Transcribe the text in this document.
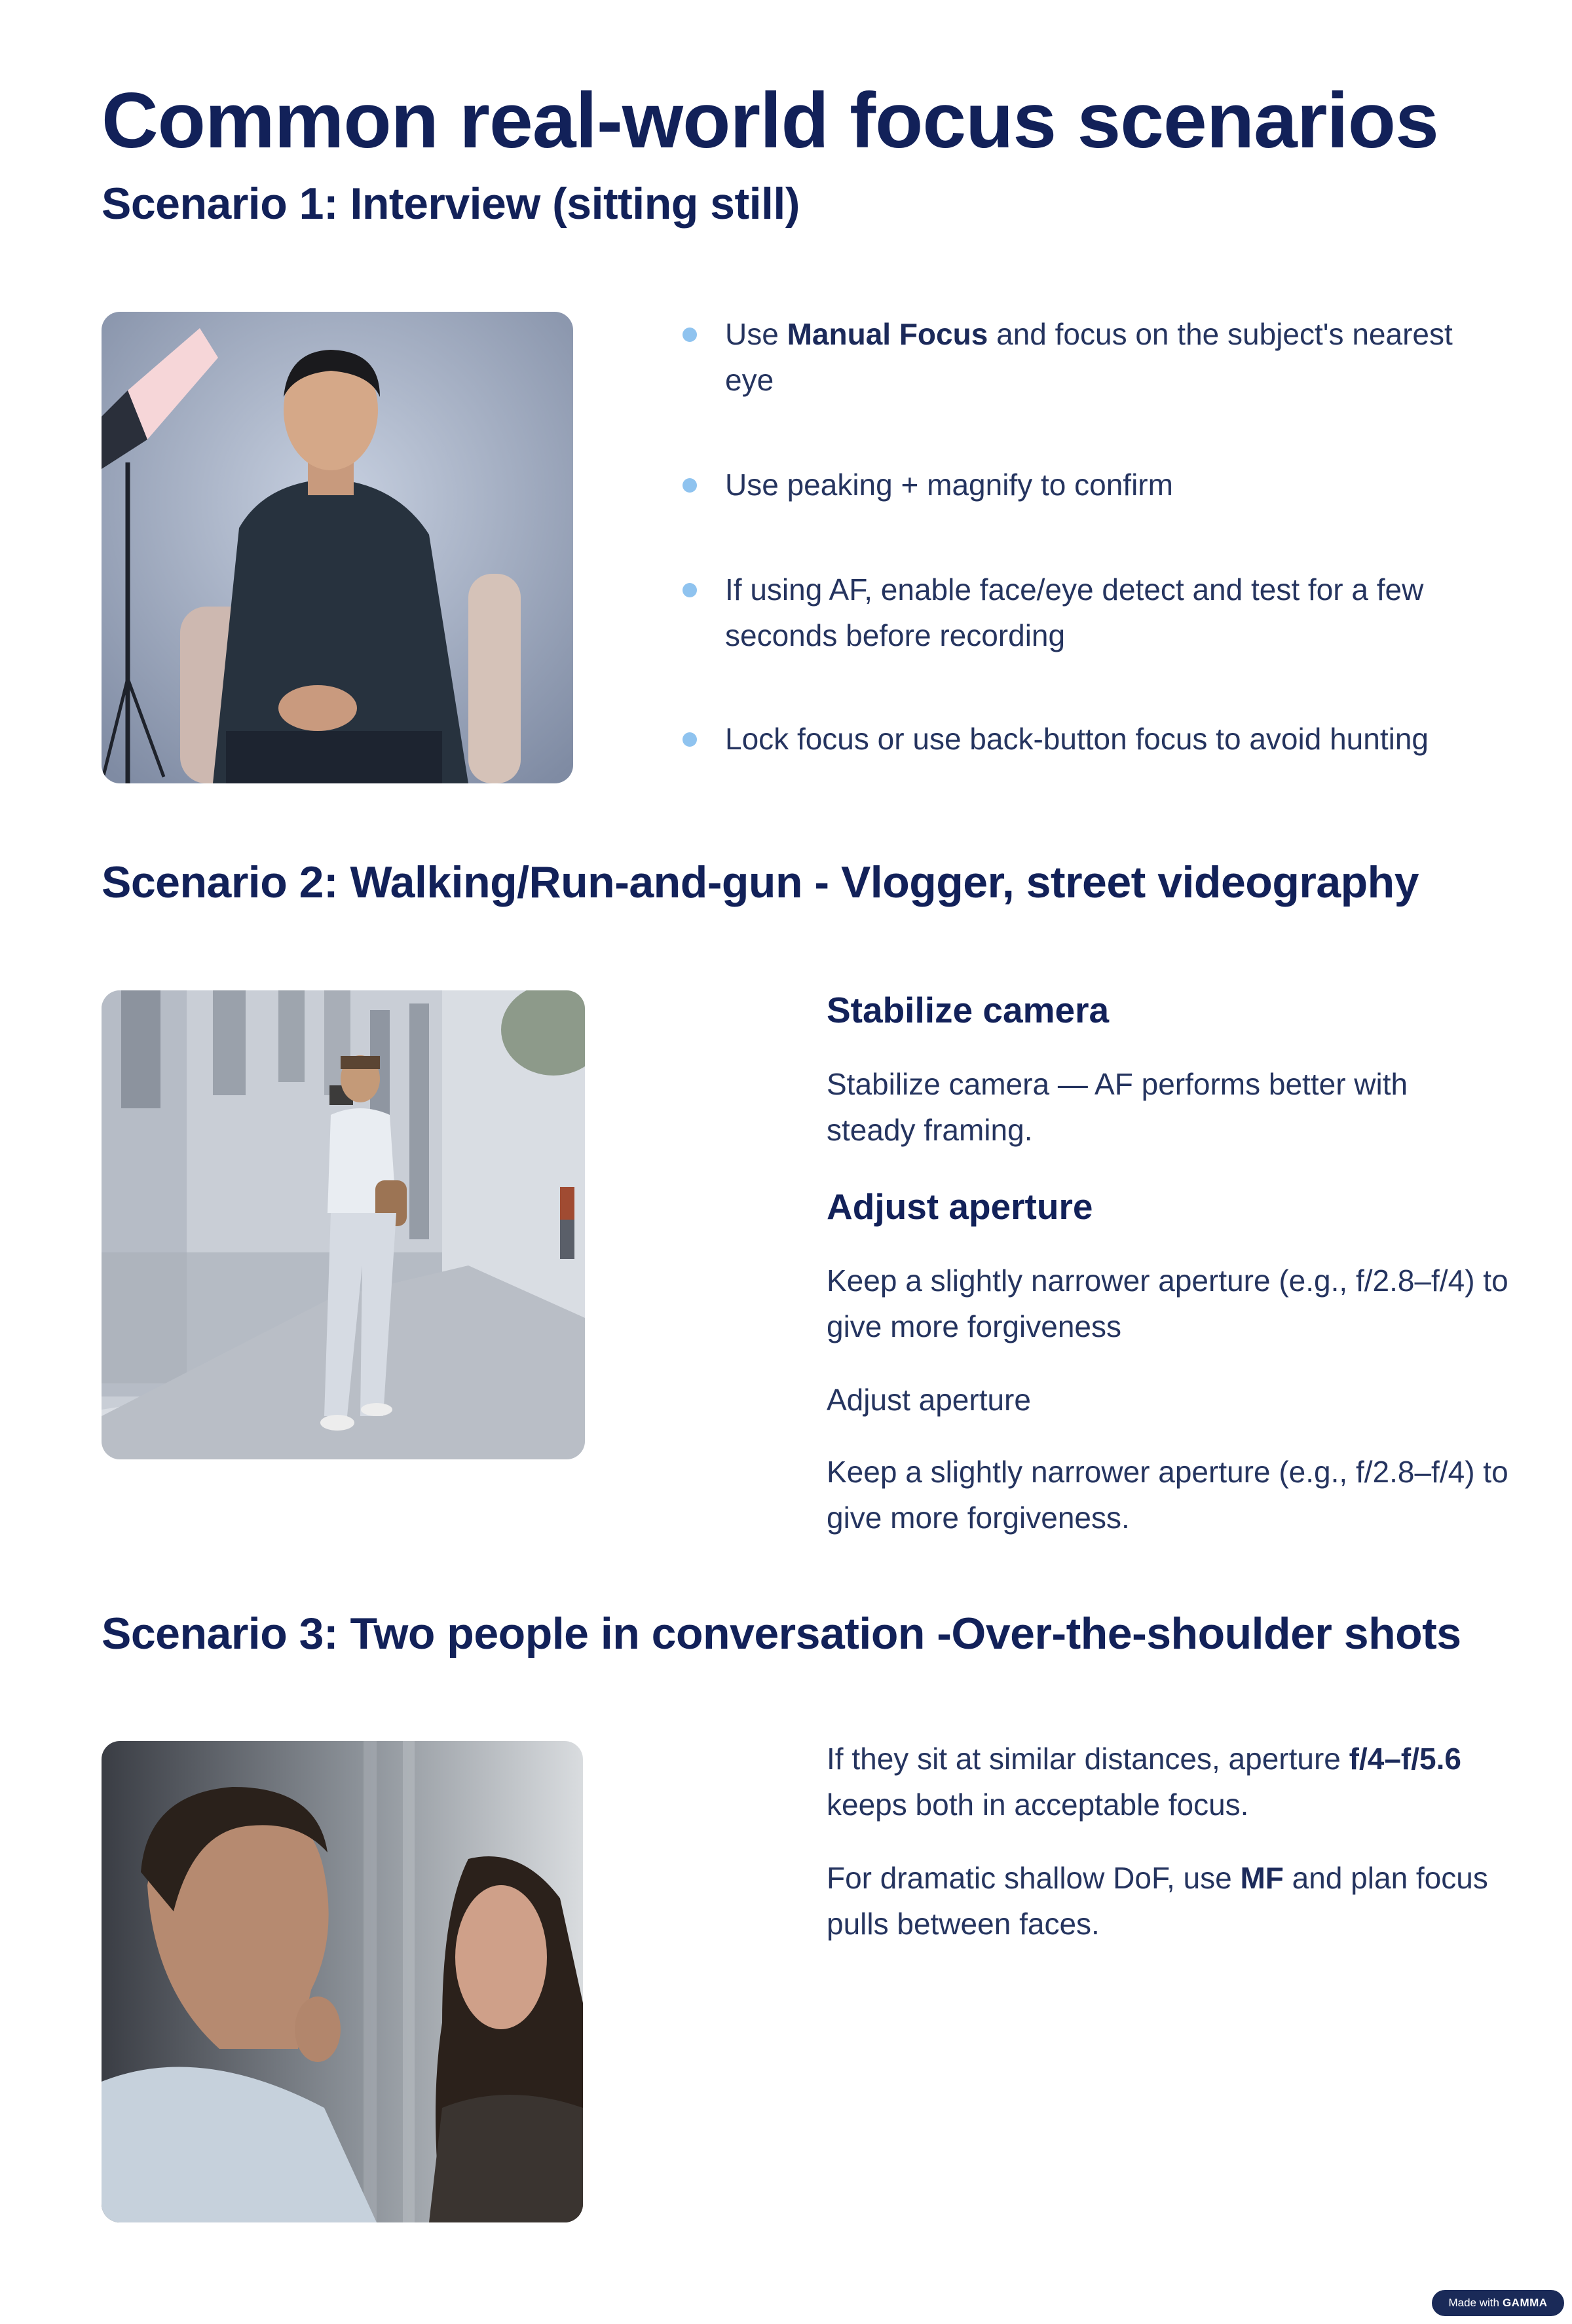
Common real-world focus scenarios
Scenario 1: Interview (sitting still)

Use Manual Focus and focus on the subject's nearest eye

Use peaking + magnify to confirm

If using AF, enable face/eye detect and test for a few seconds before recording

Lock focus or use back-button focus to avoid hunting

Scenario 2: Walking/Run-and-gun - Vlogger, street videography
Stabilize camera

Stabilize camera — AF performs better with steady framing.

Adjust aperture

Keep a slightly narrower aperture (e.g., f/2.8–f/4) to give more forgiveness

Adjust aperture

Keep a slightly narrower aperture (e.g., f/2.8–f/4) to give more forgiveness.

Scenario 3: Two people in conversation -Over-the-shoulder shots

If they sit at similar distances, aperture f/4–f/5.6 keeps both in acceptable focus.

For dramatic shallow DoF, use MF and plan focus pulls between faces.

Made with GAMMA
